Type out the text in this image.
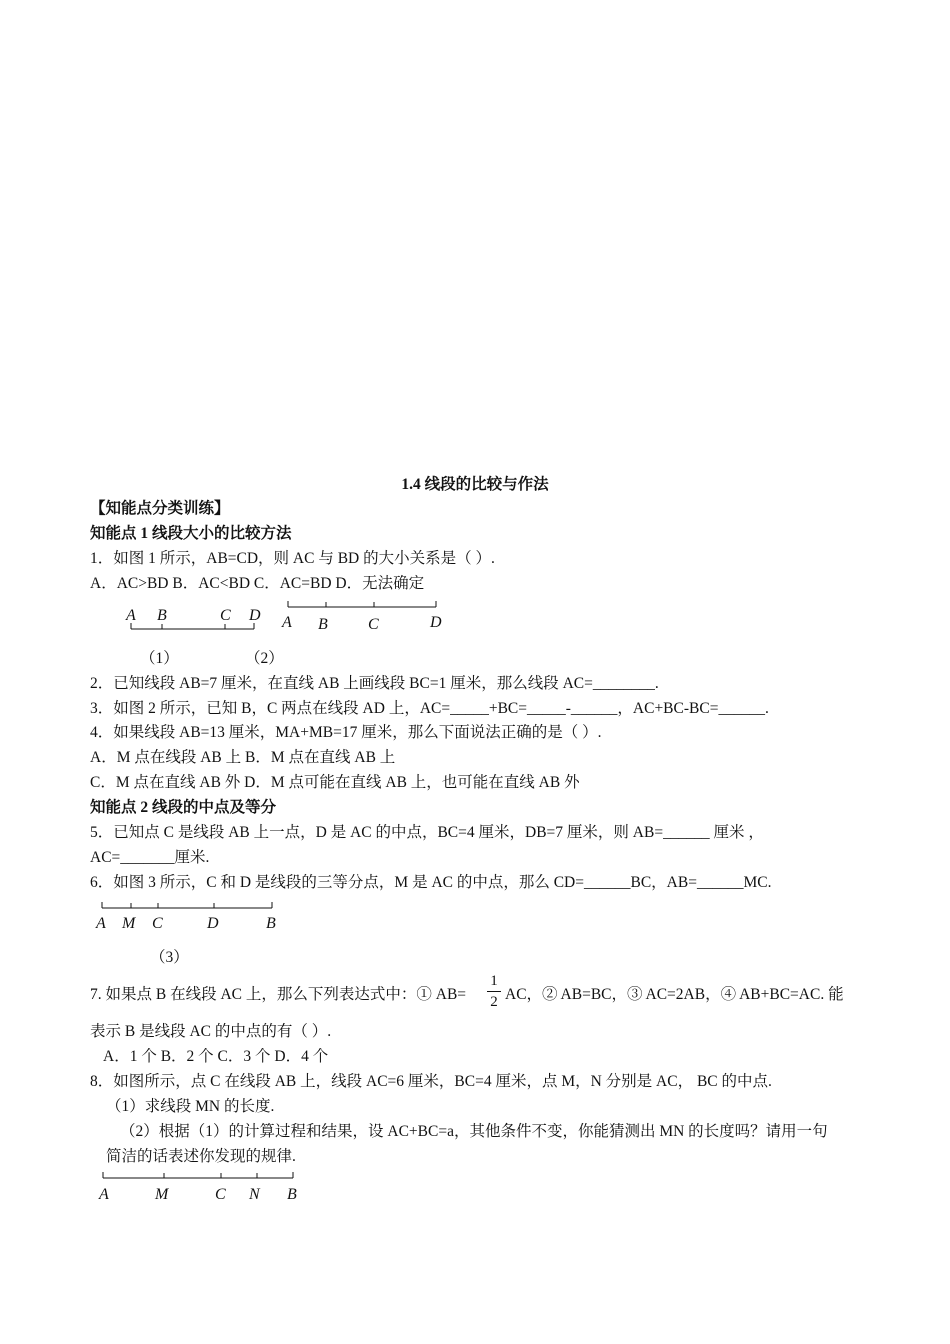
1.4 线段的比较与作法
【知能点分类训练】
知能点 1 线段大小的比较方法
1．如图 1 所示，AB=CD，则 AC 与 BD 的大小关系是（ ）.
A．AC>BD B．AC<BD C．AC=BD D．无法确定
A B	C D A B	C	D
（1）	（2）
2．已知线段 AB=7 厘米，在直线 AB 上画线段 BC=1 厘米，那么线段 AC=________.
3．如图 2 所示，已知 B，C 两点在线段 AD 上，AC=_____+BC=_____-______，AC+BC-BC=______.
4．如果线段 AB=13 厘米，MA+MB=17 厘米，那么下面说法正确的是（ ）.
A．M 点在线段 AB 上 B．M 点在直线 AB 上
C．M 点在直线 AB 外 D．M 点可能在直线 AB 上，也可能在直线 AB 外
知能点 2 线段的中点及等分
5．已知点 C 是线段 AB 上一点，D 是 AC 的中点，BC=4 厘米，DB=7 厘米，则 AB=______ 厘米 ，
AC=_______厘米.
6．如图 3 所示，C 和 D 是线段的三等分点，M 是 AC 的中点，那么 CD=______BC，AB=______MC.
A M C	D	B
（3）
7. 如果点 B 在线段 AC 上，那么下列表达式中：① AB=
1
2 AC，② AB=BC，③ AC=2AB，④ AB+BC=AC. 能
表示 B 是线段 AC 的中点的有（ ）.
A．1 个 B．2 个 C．3 个 D．4 个
8．如图所示，点 C 在线段 AB 上，线段 AC=6 厘米，BC=4 厘米，点 M，N 分别是 AC， BC 的中点.
（1）求线段 MN 的长度.
（2）根据（1）的计算过程和结果，设 AC+BC=a，其他条件不变，你能猜测出 MN 的长度吗？请用一句
简洁的话表述你发现的规律.
A	M	C N B
